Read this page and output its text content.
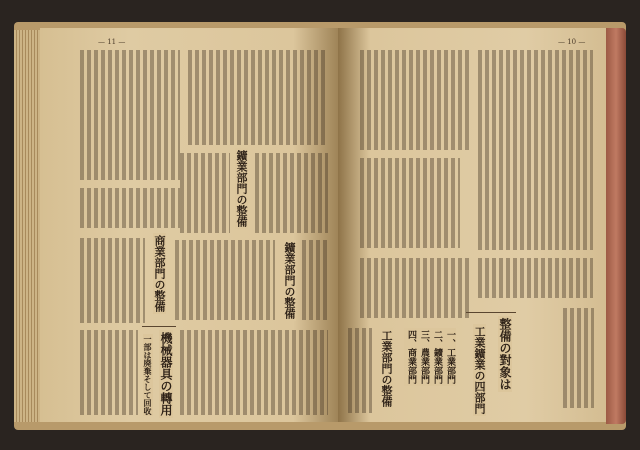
— 11 —
鑛業部門の整備
鑛業部門の整備
商業部門の整備
機械器具の轉用
一部は廃棄そして回收
— 10 —
整備の對象は
工業鑛業の四部門
一、工業部門
二、鑛業部門
三、農業部門
四、商業部門
工業部門の整備
